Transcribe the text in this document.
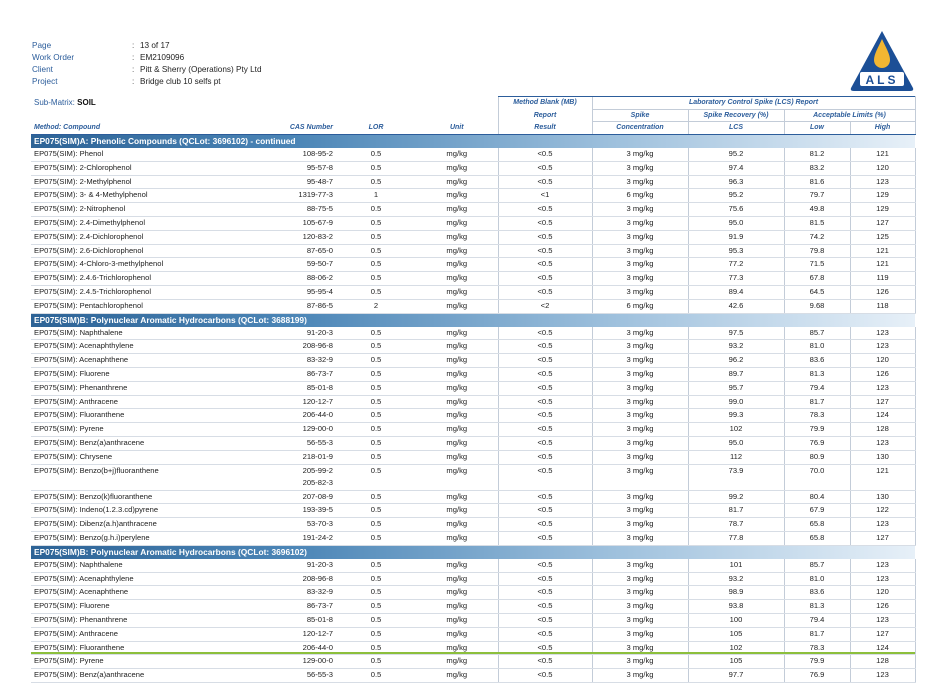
Page	: 13 of 17
Work Order	: EM2109096
Client	: Pitt & Sherry (Operations) Pty Ltd
Project	: Bridge club 10 selfs pt	ALS
Sub-Matrix: SOIL				Method Blank (MB)	Laboratory Control Spike (LCS) Report			
				Report	Spike	Spike Recovery (%)	Acceptable Limits (%)	
Method: Compound	CAS Number	LOR	Unit	Result	Concentration	LCS	Low	High
EP075(SIM)A: Phenolic Compounds (QCLot: 3696102) - continued								
EP075(SIM): Phenol	108-95-2	0.5	mg/kg	<0.5	3 mg/kg	95.2	81.2	121
EP075(SIM): 2-Chlorophenol	95-57-8	0.5	mg/kg	<0.5	3 mg/kg	97.4	83.2	120
EP075(SIM): 2-Methylphenol	95-48-7	0.5	mg/kg	<0.5	3 mg/kg	96.3	81.6	123
EP075(SIM): 3- & 4-Methylphenol	1319-77-3	1	mg/kg	<1	6 mg/kg	95.2	79.7	129
EP075(SIM): 2-Nitrophenol	88-75-5	0.5	mg/kg	<0.5	3 mg/kg	75.6	49.8	129
EP075(SIM): 2.4-Dimethylphenol	105-67-9	0.5	mg/kg	<0.5	3 mg/kg	95.0	81.5	127
EP075(SIM): 2.4-Dichlorophenol	120-83-2	0.5	mg/kg	<0.5	3 mg/kg	91.9	74.2	125
EP075(SIM): 2.6-Dichlorophenol	87-65-0	0.5	mg/kg	<0.5	3 mg/kg	95.3	79.8	121
EP075(SIM): 4-Chloro-3-methylphenol	59-50-7	0.5	mg/kg	<0.5	3 mg/kg	77.2	71.5	121
EP075(SIM): 2.4.6-Trichlorophenol	88-06-2	0.5	mg/kg	<0.5	3 mg/kg	77.3	67.8	119
EP075(SIM): 2.4.5-Trichlorophenol	95-95-4	0.5	mg/kg	<0.5	3 mg/kg	89.4	64.5	126
EP075(SIM): Pentachlorophenol	87-86-5	2	mg/kg	<2	6 mg/kg	42.6	9.68	118
EP075(SIM)B: Polynuclear Aromatic Hydrocarbons (QCLot: 3688199)								
EP075(SIM): Naphthalene	91-20-3	0.5	mg/kg	<0.5	3 mg/kg	97.5	85.7	123
EP075(SIM): Acenaphthylene	208-96-8	0.5	mg/kg	<0.5	3 mg/kg	93.2	81.0	123
EP075(SIM): Acenaphthene	83-32-9	0.5	mg/kg	<0.5	3 mg/kg	96.2	83.6	120
EP075(SIM): Fluorene	86-73-7	0.5	mg/kg	<0.5	3 mg/kg	89.7	81.3	126
EP075(SIM): Phenanthrene	85-01-8	0.5	mg/kg	<0.5	3 mg/kg	95.7	79.4	123
EP075(SIM): Anthracene	120-12-7	0.5	mg/kg	<0.5	3 mg/kg	99.0	81.7	127
EP075(SIM): Fluoranthene	206-44-0	0.5	mg/kg	<0.5	3 mg/kg	99.3	78.3	124
EP075(SIM): Pyrene	129-00-0	0.5	mg/kg	<0.5	3 mg/kg	102	79.9	128
EP075(SIM): Benz(a)anthracene	56-55-3	0.5	mg/kg	<0.5	3 mg/kg	95.0	76.9	123
EP075(SIM): Chrysene	218-01-9	0.5	mg/kg	<0.5	3 mg/kg	112	80.9	130
EP075(SIM): Benzo(b+j)fluoranthene	205-99-2
205-82-3	0.5	mg/kg	<0.5	3 mg/kg	73.9	70.0	121
EP075(SIM): Benzo(k)fluoranthene	207-08-9	0.5	mg/kg	<0.5	3 mg/kg	99.2	80.4	130
EP075(SIM): Indeno(1.2.3.cd)pyrene	193-39-5	0.5	mg/kg	<0.5	3 mg/kg	81.7	67.9	122
EP075(SIM): Dibenz(a.h)anthracene	53-70-3	0.5	mg/kg	<0.5	3 mg/kg	78.7	65.8	123
EP075(SIM): Benzo(g.h.i)perylene	191-24-2	0.5	mg/kg	<0.5	3 mg/kg	77.8	65.8	127
EP075(SIM)B: Polynuclear Aromatic Hydrocarbons (QCLot: 3696102)								
EP075(SIM): Naphthalene	91-20-3	0.5	mg/kg	<0.5	3 mg/kg	101	85.7	123
EP075(SIM): Acenaphthylene	208-96-8	0.5	mg/kg	<0.5	3 mg/kg	93.2	81.0	123
EP075(SIM): Acenaphthene	83-32-9	0.5	mg/kg	<0.5	3 mg/kg	98.9	83.6	120
EP075(SIM): Fluorene	86-73-7	0.5	mg/kg	<0.5	3 mg/kg	93.8	81.3	126
EP075(SIM): Phenanthrene	85-01-8	0.5	mg/kg	<0.5	3 mg/kg	100	79.4	123
EP075(SIM): Anthracene	120-12-7	0.5	mg/kg	<0.5	3 mg/kg	105	81.7	127
EP075(SIM): Fluoranthene	206-44-0	0.5	mg/kg	<0.5	3 mg/kg	102	78.3	124
EP075(SIM): Pyrene	129-00-0	0.5	mg/kg	<0.5	3 mg/kg	105	79.9	128
EP075(SIM): Benz(a)anthracene	56-55-3	0.5	mg/kg	<0.5	3 mg/kg	97.7	76.9	123
